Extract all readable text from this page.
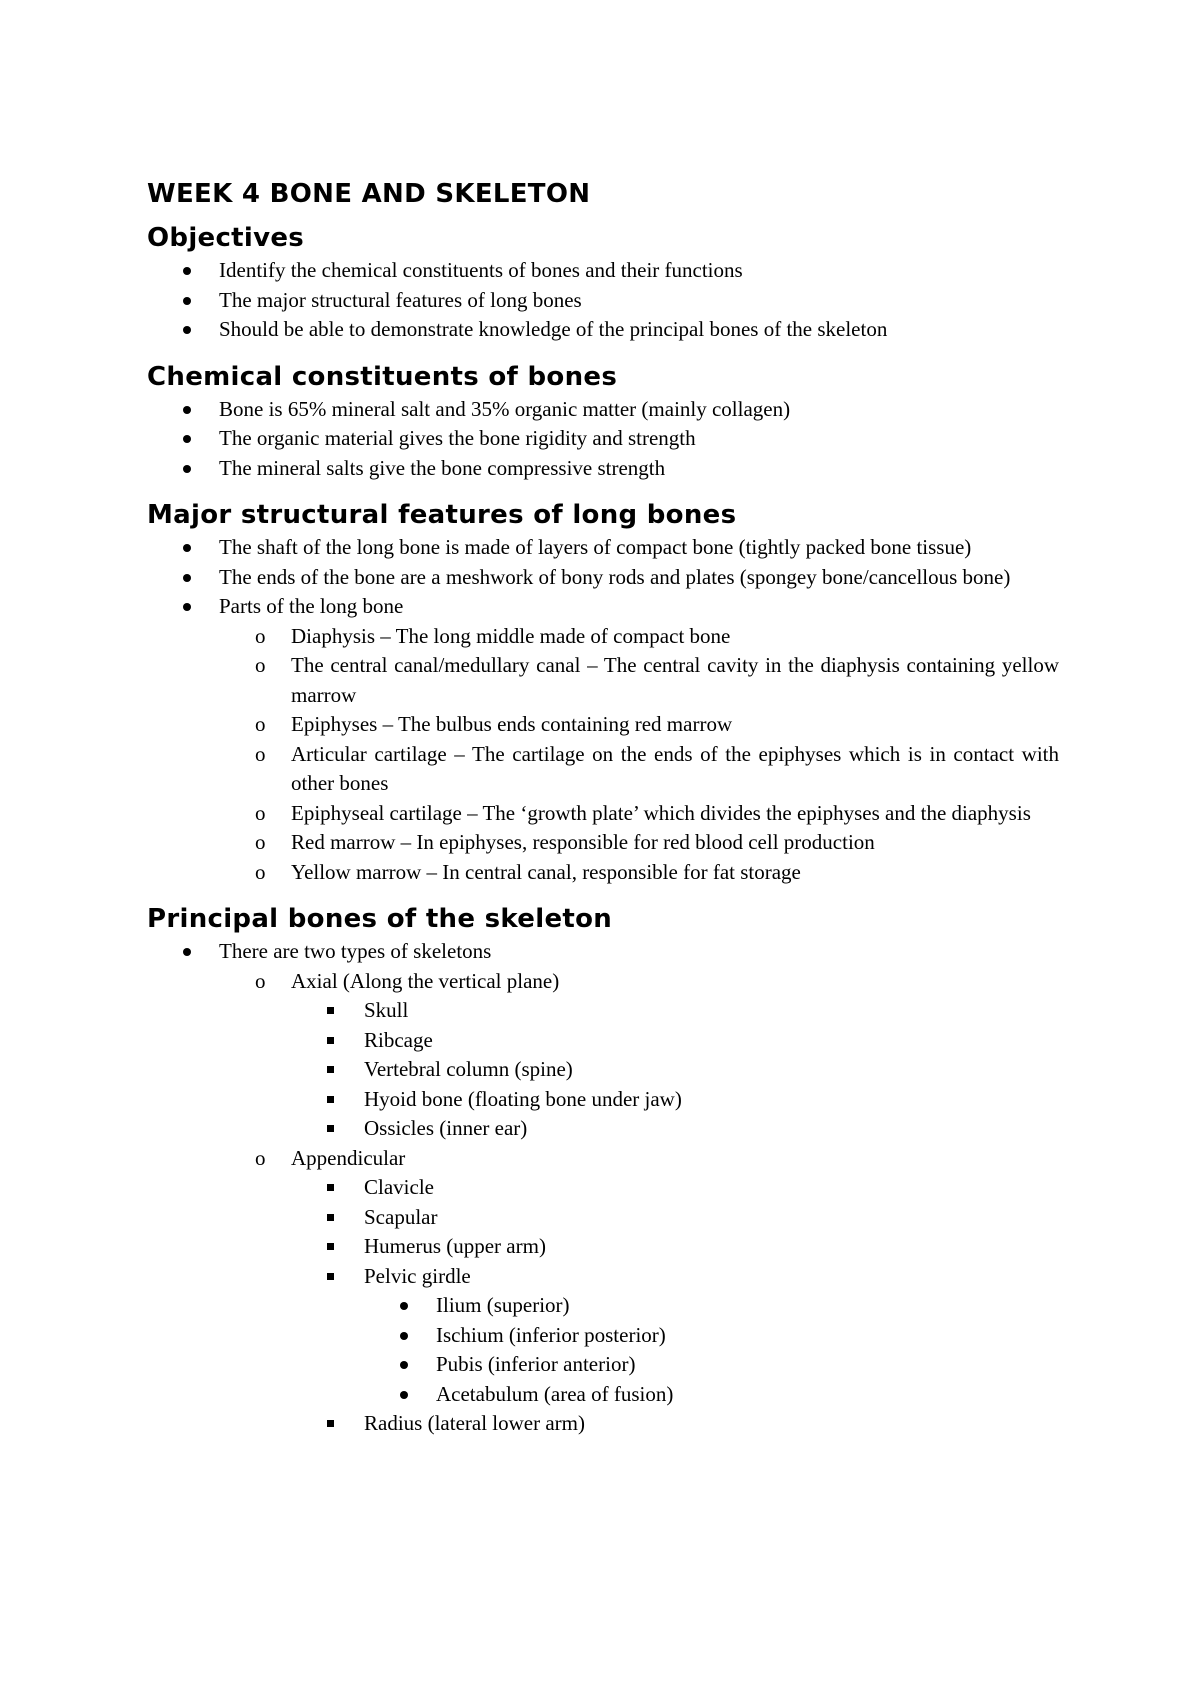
WEEK 4 BONE AND SKELETON
Objectives
Identify the chemical constituents of bones and their functions
The major structural features of long bones
Should be able to demonstrate knowledge of the principal bones of the skeleton
Chemical constituents of bones
Bone is 65% mineral salt and 35% organic matter (mainly collagen)
The organic material gives the bone rigidity and strength
The mineral salts give the bone compressive strength
Major structural features of long bones
The shaft of the long bone is made of layers of compact bone (tightly packed bone tissue)
The ends of the bone are a meshwork of bony rods and plates (spongey bone/cancellous bone)
Parts of the long bone
o Diaphysis – The long middle made of compact bone
o The central canal/medullary canal – The central cavity in the diaphysis containing yellow marrow
o Epiphyses – The bulbus ends containing red marrow
o Articular cartilage – The cartilage on the ends of the epiphyses which is in contact with other bones
o Epiphyseal cartilage – The ‘growth plate’ which divides the epiphyses and the diaphysis
o Red marrow – In epiphyses, responsible for red blood cell production
o Yellow marrow – In central canal, responsible for fat storage
Principal bones of the skeleton
There are two types of skeletons
o Axial (Along the vertical plane)
Skull
Ribcage
Vertebral column (spine)
Hyoid bone (floating bone under jaw)
Ossicles (inner ear)
o Appendicular
Clavicle
Scapular
Humerus (upper arm)
Pelvic girdle
Ilium (superior)
Ischium (inferior posterior)
Pubis (inferior anterior)
Acetabulum (area of fusion)
Radius (lateral lower arm)
